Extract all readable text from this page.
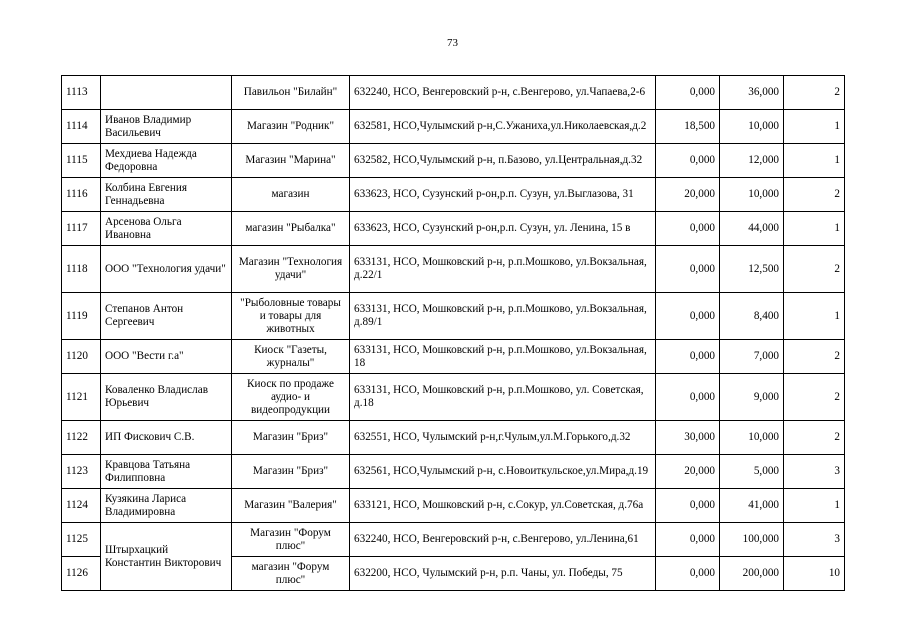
73
1113		Павильон "Билайн"	632240, НСО, Венгеровский р-н, с.Венгерово, ул.Чапаева,2-6	0,000	36,000	2
1114	Иванов Владимир Васильевич	Магазин "Родник"	632581, НСО,Чулымский р-н,С.Ужаниха,ул.Николаевская,д.2	18,500	10,000	1
1115	Мехдиева Надежда Федоровна	Магазин "Марина"	632582, НСО,Чулымский р-н, п.Базово, ул.Центральная,д.32	0,000	12,000	1
1116	Колбина Евгения Геннадьевна	магазин	633623, НСО, Сузунский р-он,р.п. Сузун, ул.Выглазова, 31	20,000	10,000	2
1117	Арсенова Ольга Ивановна	магазин "Рыбалка"	633623, НСО, Сузунский р-он,р.п. Сузун, ул. Ленина, 15 в	0,000	44,000	1
1118	ООО "Технология удачи"	Магазин "Технология удачи"	633131, НСО, Мошковский р-н, р.п.Мошково, ул.Вокзальная, д.22/1	0,000	12,500	2
1119	Степанов Антон Сергеевич	"Рыболовные товары и товары для животных	633131, НСО, Мошковский р-н, р.п.Мошково, ул.Вокзальная, д.89/1	0,000	8,400	1
1120	ООО "Вести г.а"	Киоск "Газеты, журналы"	633131, НСО, Мошковский р-н, р.п.Мошково, ул.Вокзальная, 18	0,000	7,000	2
1121	Коваленко Владислав Юрьевич	Киоск по продаже аудио- и видеопродукции	633131, НСО, Мошковский р-н, р.п.Мошково, ул. Советская, д.18	0,000	9,000	2
1122	ИП Фискович С.В.	Магазин "Бриз"	632551, НСО, Чулымский р-н,г.Чулым,ул.М.Горького,д.32	30,000	10,000	2
1123	Кравцова Татьяна Филипповна	Магазин "Бриз"	632561, НСО,Чулымский р-н, с.Новоиткульское,ул.Мира,д.19	20,000	5,000	3
1124	Кузякина Лариса Владимировна	Магазин "Валерия"	633121, НСО, Мошковский р-н, с.Сокур, ул.Советская, д.76а	0,000	41,000	1
1125	Штырхацкий Константин Викторович	Магазин "Форум плюс"	632240, НСО, Венгеровский р-н, с.Венгерово, ул.Ленина,61	0,000	100,000	3
1126		магазин "Форум плюс"	632200, НСО, Чулымский р-н, р.п. Чаны, ул. Победы, 75	0,000	200,000	10
